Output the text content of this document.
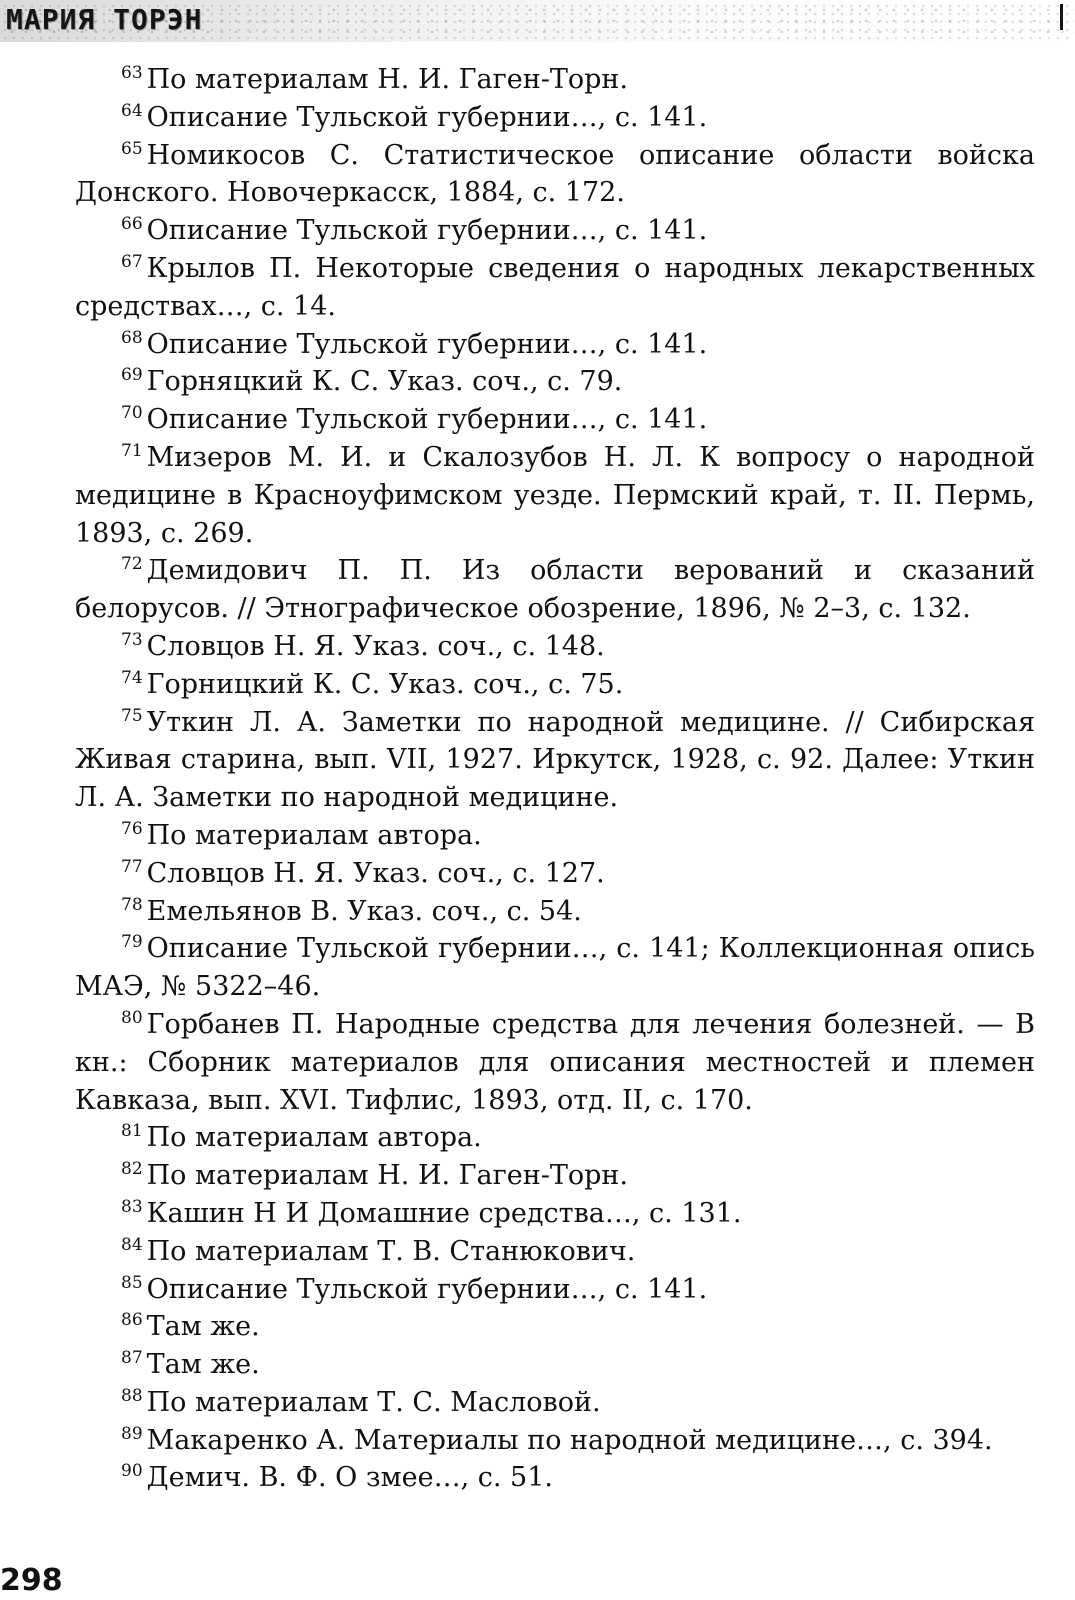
МАРИЯ ТОРЭН

$^{63}$ По материалам Н. И. Гаген-Торн.

$^{64}$ Описание Тульской губернии…, с. 141.

$^{65}$ Номикосов С. Статистическое описание области войска Донского. Новочеркасск, 1884, с. 172.

$^{66}$ Описание Тульской губернии…, с. 141.

$^{67}$ Крылов П. Некоторые сведения о народных лекарственных средствах…, с. 14.

$^{68}$ Описание Тульской губернии…, с. 141.

$^{69}$ Горняцкий К. С. Указ. соч., с. 79.

$^{70}$ Описание Тульской губернии…, с. 141.

$^{71}$ Мизеров М. И. и Скалозубов Н. Л. К вопросу о народной медицине в Красноуфимском уезде. Пермский край, т. II. Пермь, 1893, с. 269.

$^{72}$ Демидович П. П. Из области верований и сказаний белорусов. // Этнографическое обозрение, 1896, № 2–3, с. 132.

$^{73}$ Словцов Н. Я. Указ. соч., с. 148.

$^{74}$ Горницкий К. С. Указ. соч., с. 75.

$^{75}$ Уткин Л. А. Заметки по народной медицине. // Сибирская Живая старина, вып. VII, 1927. Иркутск, 1928, с. 92. Далее: Уткин Л. А. Заметки по народной медицине.

$^{76}$ По материалам автора.

$^{77}$ Словцов Н. Я. Указ. соч., с. 127.

$^{78}$ Емельянов В. Указ. соч., с. 54.

$^{79}$ Описание Тульской губернии…, с. 141; Коллекционная опись МАЭ, № 5322–46.

$^{80}$ Горбанев П. Народные средства для лечения болезней. — В кн.: Сборник материалов для описания местностей и племен Кавказа, вып. XVI. Тифлис, 1893, отд. II, с. 170.

$^{81}$ По материалам автора.

$^{82}$ По материалам Н. И. Гаген-Торн.

$^{83}$ Кашин Н И Домашние средства…, с. 131.

$^{84}$ По материалам Т. В. Станюкович.

$^{85}$ Описание Тульской губернии…, с. 141.

$^{86}$ Там же.

$^{87}$ Там же.

$^{88}$ По материалам Т. С. Масловой.

$^{89}$ Макаренко А. Материалы по народной медицине…, с. 394.

$^{90}$ Демич. В. Ф. О змее…, с. 51.

298
